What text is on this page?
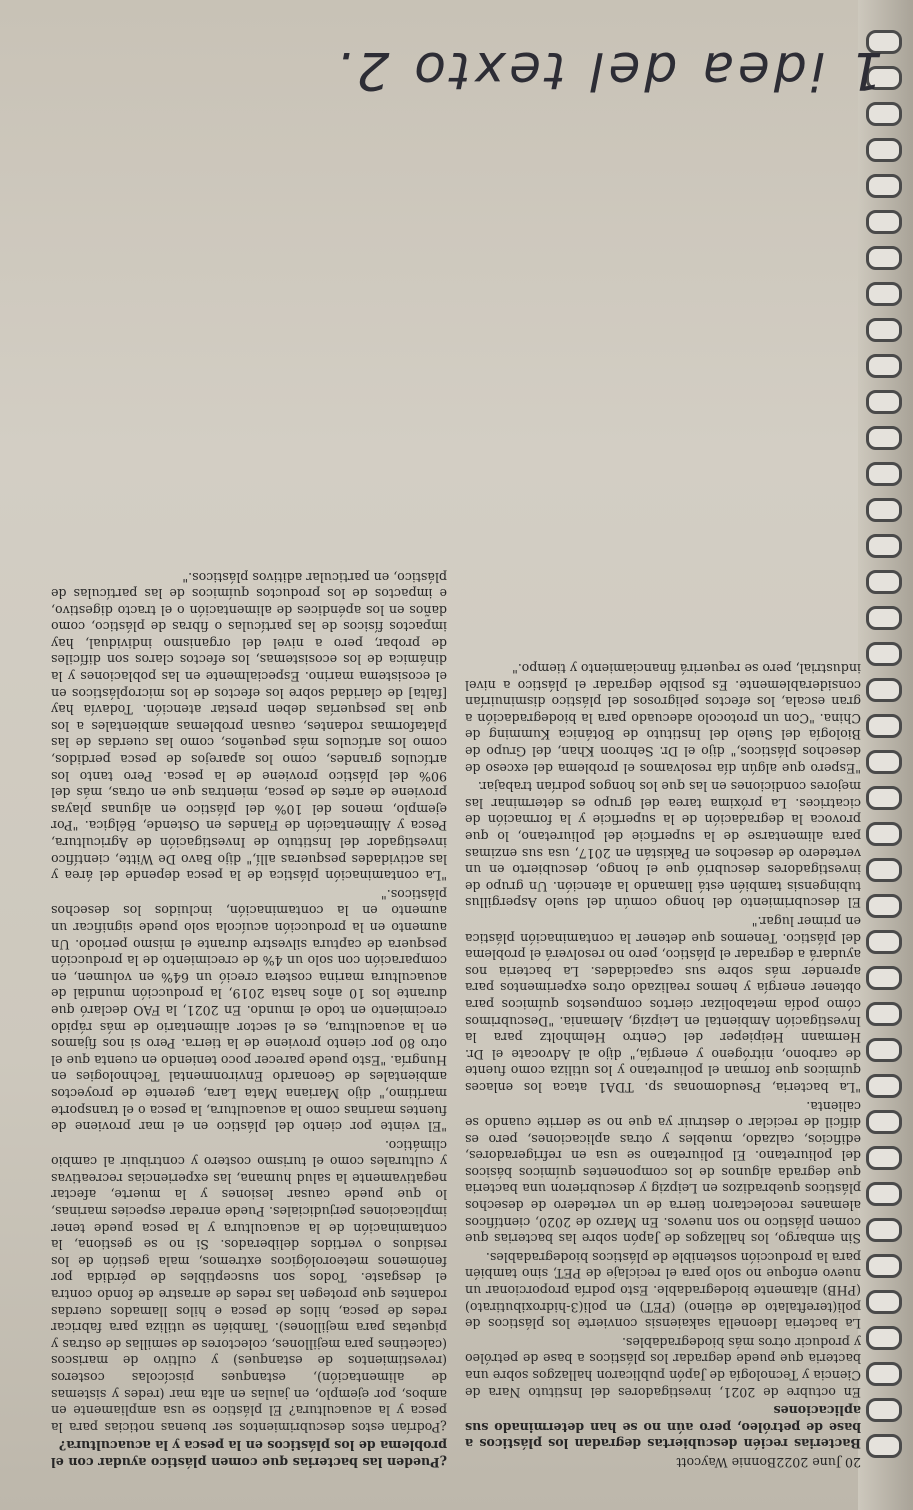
20 June 2022Bonnie Waycott

Bacterias recién descubiertas degradan los plásticos a base de petróleo, pero aún no se han determinado sus aplicaciones

En octubre de 2021, investigadores del Instituto Nara de Ciencia y Tecnología de Japón publicaron hallazgos sobre una bacteria que puede degradar los plásticos a base de petróleo y producir otros más biodegradables.

La bacteria Ideonella sakaiensis convierte los plásticos de poli(tereftalato de etileno) (PET) en poli(3-hidroxibutirato) (PHB) altamente biodegradable. Esto podría proporcionar un nuevo enfoque no solo para el reciclaje de PET, sino también para la producción sostenible de plásticos biodegradables.

Sin embargo, los hallazgos de Japón sobre las bacterias que comen plástico no son nuevos. En Marzo de 2020, científicos alemanes recolectaron tierra de un vertedero de desechos plásticos quebradizos en Leipzig y descubrieron una bacteria que degrada algunos de los componentes químicos básicos del poliuretano. El poliuretano se usa en refrigeradores, edificios, calzado, muebles y otras aplicaciones, pero es difícil de reciclar o destruir ya que no se derrite cuando se calienta.

"La bacteria, Pseudomonas sp. TDA1 ataca los enlaces químicos que forman el poliuretano y los utiliza como fuente de carbono, nitrógeno y energía," dijo al Advocate el Dr. Hermann Heipieper del Centro Helmholtz para la Investigación Ambiental en Leipzig, Alemania. "Descubrimos cómo podía metabolizar ciertos compuestos químicos para obtener energía y hemos realizado otros experimentos para aprender más sobre sus capacidades. La bacteria nos ayudará a degradar el plástico, pero no resolverá el problema del plástico. Tenemos que detener la contaminación plástica en primer lugar."

El descubrimiento del hongo común del suelo Aspergillus tubingensis también está llamando la atención. Un grupo de investigadores descubrió que el hongo, descubierto en un vertedero de desechos en Pakistán en 2017, usa sus enzimas para alimentarse de la superficie del poliuretano, lo que provoca la degradación de la superficie y la formación de cicatrices. La próxima tarea del grupo es determinar las mejores condiciones en las que los hongos podrían trabajar.

"Espero que algún día resolvamos el problema del exceso de desechos plásticos," dijo el Dr. Sehroon Khan, del Grupo de Biología del Suelo del Instituto de Botánica Kumming de China. "Con un protocolo adecuado para la biodegradación a gran escala, los efectos peligrosos del plástico disminuirían considerablemente. Es posible degradar el plástico a nivel industrial, pero se requerirá financiamiento y tiempo."

¿Pueden las bacterias que comen plástico ayudar con el problema de los plásticos en la pesca y la acuacultura?

¿Podrían estos descubrimientos ser buenas noticias para la pesca y la acuacultura? El plástico se usa ampliamente en ambos, por ejemplo, en jaulas en alta mar (redes y sistemas de alimentación), estanques piscícolas costeros (revestimientos de estanques) y cultivo de mariscos (calcetines para mejillones, colectores de semillas de ostras y piquetas para mejillones). También se utiliza para fabricar redes de pesca, hilos de pesca e hilos llamados cuerdas rodantes que protegen las redes de arrastre de fondo contra el desgaste. Todos son susceptibles de pérdida por fenómenos meteorológicos extremos, mala gestión de los residuos o vertidos deliberados. Si no se gestiona, la contaminación de la acuacultura y la pesca puede tener implicaciones perjudiciales. Puede enredar especies marinas, lo que puede causar lesiones y la muerte, afectar negativamente la salud humana, las experiencias recreativas y culturales como el turismo costero y contribuir al cambio climático.

"El veinte por ciento del plástico en el mar proviene de fuentes marinas como la acuacultura, la pesca o el transporte marítimo," dijo Mariana Mata Lara, gerente de proyectos ambientales de Geonardo Environmental Technologies en Hungría. "Esto puede parecer poco teniendo en cuenta que el otro 80 por ciento proviene de la tierra. Pero si nos fijamos en la acuacultura, es el sector alimentario de más rápido crecimiento en todo el mundo. En 2021, la FAO declaró que durante los 10 años hasta 2019, la producción mundial de acuacultura marina costera creció un 64% en volumen, en comparación con solo un 4% de crecimiento de la producción pesquera de captura silvestre durante el mismo periodo. Un aumento en la producción acuícola solo puede significar un aumento en la contaminación, incluidos los desechos plásticos."

"La contaminación plástica de la pesca depende del área y las actividades pesqueras allí," dijo Bavo De Witte, científico investigador del Instituto de Investigación de Agricultura, Pesca y Alimentación de Flandes en Ostende, Bélgica. "Por ejemplo, menos del 10% del plástico en algunas playas proviene de artes de pesca, mientras que en otras, más del 90% del plástico proviene de la pesca. Pero tanto los artículos grandes, como los aparejos de pesca perdidos, como los artículos más pequeños, como las cuerdas de las plataformas rodantes, causan problemas ambientales a los que las pesquerías deben prestar atención. Todavía hay [falta] de claridad sobre los efectos de los microplásticos en el ecosistema marino. Especialmente en las poblaciones y la dinámica de los ecosistemas, los efectos claros son difíciles de probar, pero a nivel del organismo individual, hay impactos físicos de las partículas o fibras de plástico, como daños en los apéndices de alimentación o el tracto digestivo, e impactos de los productos químicos de las partículas de plástico, en particular aditivos plásticos."

1 idea del texto 2.
